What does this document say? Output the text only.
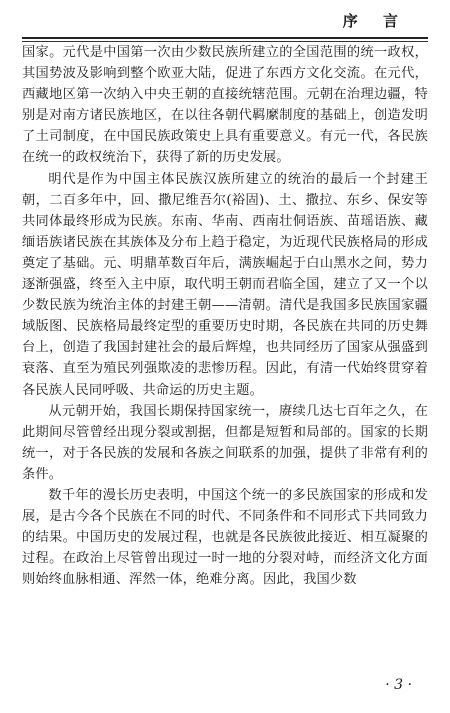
序 言

国家。元代是中国第一次由少数民族所建立的全国范围的统一政权，其国势波及影响到整个欧亚大陆，促进了东西方文化交流。在元代，西藏地区第一次纳入中央王朝的直接统辖范围。元朝在治理边疆，特别是对南方诸民族地区，在以往各朝代羁縻制度的基础上，创造发明了土司制度，在中国民族政策史上具有重要意义。有元一代，各民族在统一的政权统治下，获得了新的历史发展。

明代是作为中国主体民族汉族所建立的统治的最后一个封建王朝，二百多年中，回、撒尼维吾尔(裕固)、土、撒拉、东乡、保安等共同体最终形成为民族。东南、华南、西南壮侗语族、苗瑶语族、藏缅语族诸民族在其族体及分布上趋于稳定，为近现代民族格局的形成奠定了基础。元、明鼎革数百年后，满族崛起于白山黑水之间，势力逐渐强盛，终至入主中原，取代明王朝而君临全国，建立了又一个以少数民族为统治主体的封建王朝——清朝。清代是我国多民族国家疆域版图、民族格局最终定型的重要历史时期，各民族在共同的历史舞台上，创造了我国封建社会的最后辉煌，也共同经历了国家从强盛到衰落、直至为殖民列强欺凌的悲惨历程。因此，有清一代始终贯穿着各民族人民同呼吸、共命运的历史主题。

从元朝开始，我国长期保持国家统一，赓续几达七百年之久，在此期间尽管曾经出现分裂或割据，但都是短暂和局部的。国家的长期统一，对于各民族的发展和各族之间联系的加强，提供了非常有利的条件。

数千年的漫长历史表明，中国这个统一的多民族国家的形成和发展，是古今各个民族在不同的时代、不同条件和不同形式下共同致力的结果。中国历史的发展过程，也就是各民族彼此接近、相互凝聚的过程。在政治上尽管曾出现过一时一地的分裂对峙，而经济文化方面则始终血脉相通、浑然一体，绝难分离。因此，我国少数

· 3 ·
